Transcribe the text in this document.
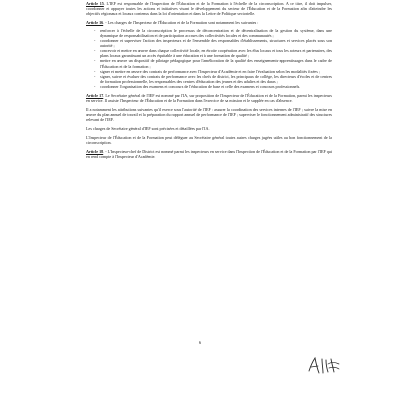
Article 15. L'IEF est responsable de l'Inspection de l'Éducation et de la Formation à l'échelle de la circonscription. A ce titre, il doit impulser, coordonner et appuyer toutes les actions et initiatives visant le développement du secteur de l'Éducation et de la Formation afin d'atteindre les objectifs régionaux et locaux contenus dans la loi d'orientation et dans la Lettre de Politique sectorielle.

Article 16. - Les charges de l'Inspecteur de l'Éducation et de la Formation sont notamment les suivantes :

- renforcer à l'échelle de la circonscription le processus de déconcentration et de décentralisation de la gestion du système, dans une dynamique de responsabilisation et de participation accrues des collectivités locales et des communautés ;
- coordonner et superviser l'action des inspecteurs et de l'ensemble des responsables d'établissements, structures et services placés sous son autorité ;
- concevoir et mettre en œuvre dans chaque collectivité locale, en étroite coopération avec les élus locaux et tous les acteurs et partenaires, des plans locaux garantissant un accès équitable à une éducation et à une formation de qualité ;
- mettre en œuvre un dispositif de pilotage pédagogique pour l'amélioration de la qualité des enseignements-apprentissages dans le cadre de l'Éducation et de la formation ;
- signer et mettre en œuvre des contrats de performance avec l'Inspecteur d'Académie et en faire l'évaluation selon les modalités fixées ;
- signer, suivre et évaluer des contrats de performance avec les chefs de district, les principaux de collège, les directeurs d'écoles et de centres de formation professionnelle, les responsables des centres d'éducation des jeunes et des adultes et des daras ;
- coordonner l'organisation des examens et concours de l'éducation de base et celle des examens et concours professionnels.

Article 17. Le Secrétaire général de l'IEF est nommé par l'IA, sur proposition de l'Inspecteur de l'Éducation et de la Formation, parmi les inspecteurs en service. Il assiste l'Inspecteur de l'Éducation et de la Formation dans l'exercice de sa mission et le supplée en cas d'absence.

Il a notamment les attributions suivantes qu'il exerce sous l'autorité de l'IEF : assurer la coordination des services internes de l'IEF ; suivre la mise en œuvre du plan annuel de travail et la préparation du rapport annuel de performance de l'IEF ; superviser le fonctionnement administratif des structures relevant de l'IEF.

Les charges de Secrétaire général d'IEF sont précisées et détaillées par l'IA.

L'Inspecteur de l'Éducation et de la Formation peut déléguer au Secrétaire général toutes autres charges jugées utiles au bon fonctionnement de la circonscription.

Article 18. - L'Inspecteur-chef de District est nommé parmi les inspecteurs en service dans l'Inspection de l'Éducation et de la Formation par l'IEF qui en rend compte à l'Inspecteur d'Académie.

6
